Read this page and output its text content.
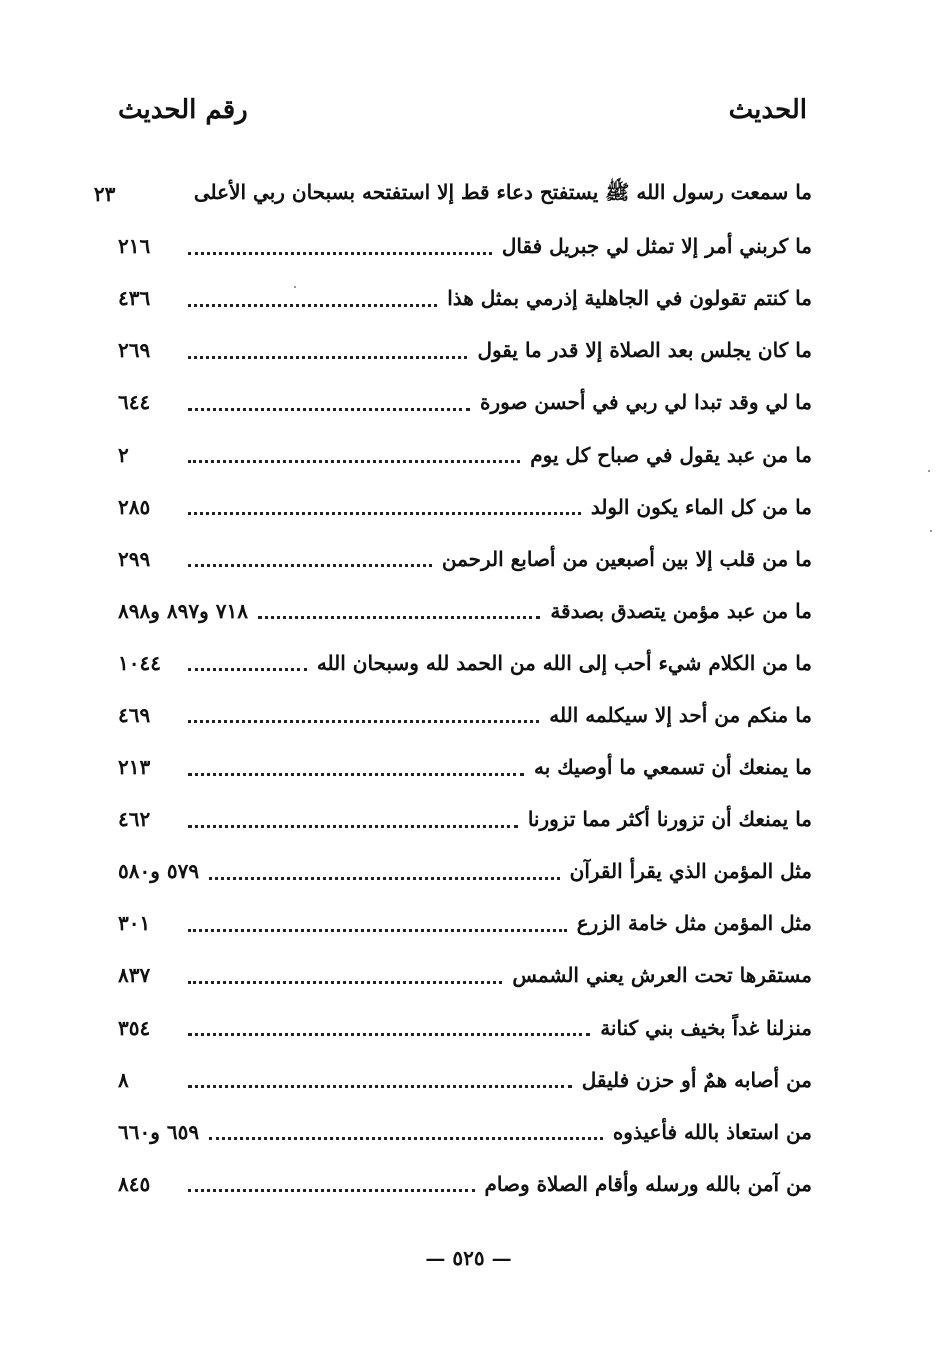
الحديث
رقم الحديث
ما سمعت رسول الله ﷺ يستفتح دعاء قط إلا استفتحه بسبحان ربي الأعلى
٢٣
ما كربني أمر إلا تمثل لي جبريل فقال
٢١٦
ما كنتم تقولون في الجاهلية إذرمي بمثل هذا
٤٣٦
ما كان يجلس بعد الصلاة إلا قدر ما يقول
٢٦٩
ما لي وقد تبدا لي ربي في أحسن صورة
٦٤٤
ما من عبد يقول في صباح كل يوم
٢
ما من كل الماء يكون الولد
٢٨٥
ما من قلب إلا بين أصبعين من أصابع الرحمن
٢٩٩
ما من عبد مؤمن يتصدق بصدقة
٧١٨ و٨٩٧ و٨٩٨
ما من الكلام شيء أحب إلى الله من الحمد لله وسبحان الله
١٠٤٤
ما منكم من أحد إلا سيكلمه الله
٤٦٩
ما يمنعك أن تسمعي ما أوصيك به
٢١٣
ما يمنعك أن تزورنا أكثر مما تزورنا
٤٦٢
مثل المؤمن الذي يقرأ القرآن
٥٧٩ و٥٨٠
مثل المؤمن مثل خامة الزرع
٣٠١
مستقرها تحت العرش يعني الشمس
٨٣٧
منزلنا غداً بخيف بني كنانة
٣٥٤
من أصابه همٌ أو حزن فليقل
٨
من استعاذ بالله فأعيذوه
٦٥٩ و٦٦٠
من آمن بالله ورسله وأقام الصلاة وصام
٨٤٥
— ٥٢٥ —
